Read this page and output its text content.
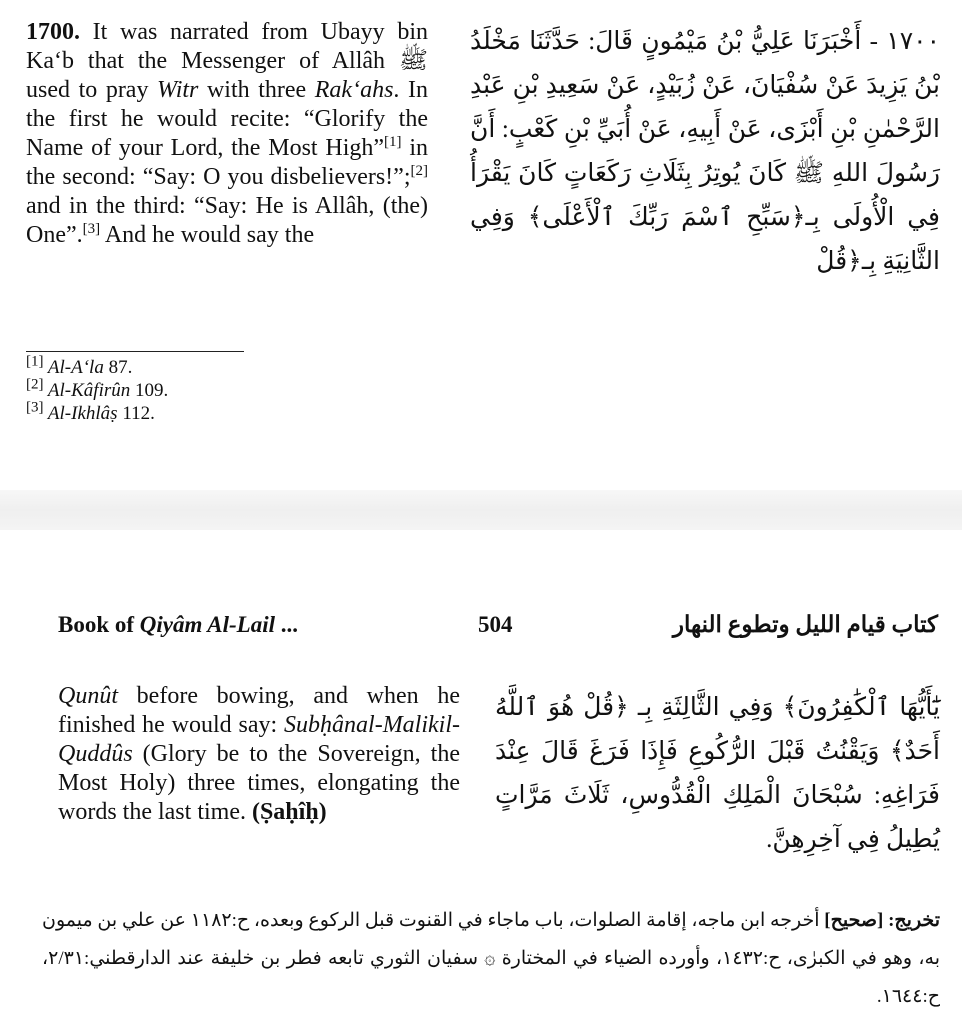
1700. It was narrated from Ubayy bin Ka‘b that the Messenger of Allâh ﷺ used to pray Witr with three Rak‘ahs. In the first he would recite: “Glorify the Name of your Lord, the Most High”[1] in the second: “Say: O you disbelievers!”;[2] and in the third: “Say: He is Allâh, (the) One”.[3] And he would say the
١٧٠٠ - أَخْبَرَنَا عَلِيُّ بْنُ مَيْمُونٍ قَالَ: حَدَّثَنَا مَخْلَدُ بْنُ يَزِيدَ عَنْ سُفْيَانَ، عَنْ زُبَيْدٍ، عَنْ سَعِيدِ بْنِ عَبْدِ الرَّحْمٰنِ بْنِ أَبْزَى، عَنْ أَبِيهِ، عَنْ أُبَيِّ بْنِ كَعْبٍ: أَنَّ رَسُولَ اللهِ ﷺ كَانَ يُوتِرُ بِثَلَاثِ رَكَعَاتٍ كَانَ يَقْرَأُ فِي الْأُولَى بِـ﴿سَبِّحِ ٱسْمَ رَبِّكَ ٱلْأَعْلَى﴾ وَفِي الثَّانِيَةِ بِـ﴿قُلْ
[1] Al-A‘la 87.
[2] Al-Kâfirûn 109.
[3] Al-Ikhlâṣ 112.
Book of Qiyâm Al-Lail ...	504	كتاب قيام الليل وتطوع النهار
Qunût before bowing, and when he finished he would say: Subḥânal-Malikil-Quddûs (Glory be to the Sovereign, the Most Holy) three times, elongating the words the last time. (Ṣaḥîḥ)
يَٰٓأَيُّهَا ٱلْكَٰفِرُونَ﴾ وَفِي الثَّالِثَةِ بِـ ﴿قُلْ هُوَ ٱللَّهُ أَحَدٌ﴾ وَيَقْنُتُ قَبْلَ الرُّكُوعِ فَإِذَا فَرَغَ قَالَ عِنْدَ فَرَاغِهِ: سُبْحَانَ الْمَلِكِ الْقُدُّوسِ، ثَلَاثَ مَرَّاتٍ يُطِيلُ فِي آخِرِهِنَّ.
تخريج: [صحيح] أخرجه ابن ماجه، إقامة الصلوات، باب ماجاء في القنوت قبل الركوع وبعده، ح:١١٨٢ عن علي بن ميمون به، وهو في الكبرٰى، ح:١٤٣٢، وأورده الضياء في المختارة ۞ سفيان الثوري تابعه فطر بن خليفة عند الدارقطني:٢/٣١، ح:١٦٤٤.
